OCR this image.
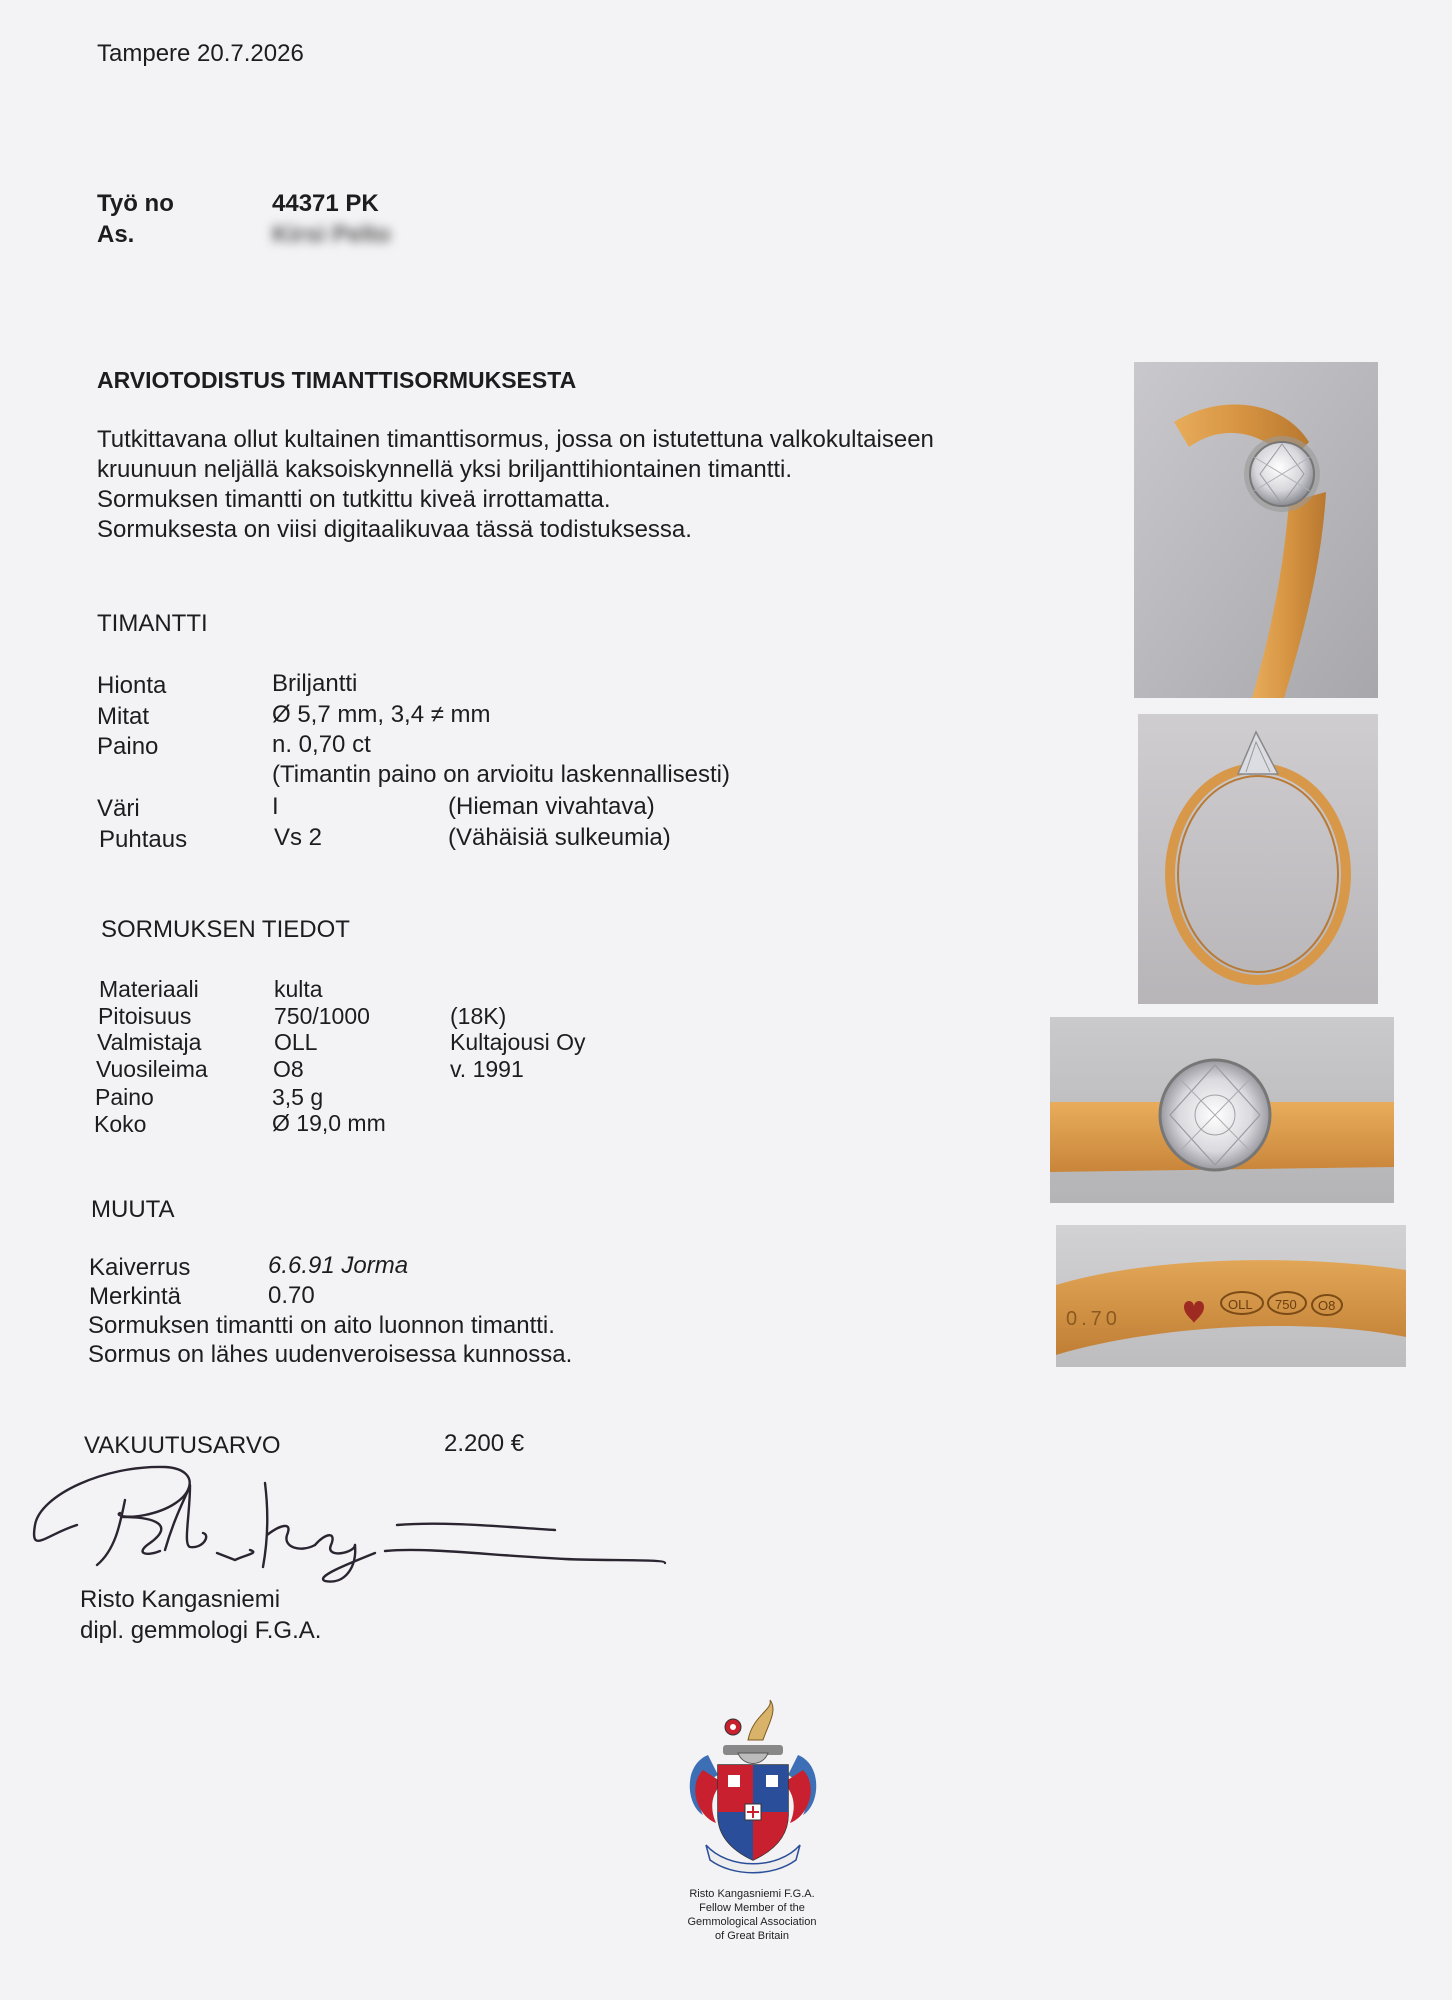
Tampere 20.7.2026
Työ no	44371 PK
As.	Kirsi Pelto
ARVIOTODISTUS TIMANTTISORMUKSESTA
Tutkittavana ollut kultainen timanttisormus, jossa on istutettuna valkokultaiseen
kruunuun neljällä kaksoiskynnellä yksi briljanttihiontainen timantti.
Sormuksen timantti on tutkittu kiveä irrottamatta.
Sormuksesta on viisi digitaalikuvaa tässä todistuksessa.
TIMANTTI
Hionta	Briljantti
Mitat	Ø 5,7 mm, 3,4 ≠ mm
Paino	n. 0,70 ct
(Timantin paino on arvioitu laskennallisesti)
Väri	I	(Hieman vivahtava)
Puhtaus	Vs 2	(Vähäisiä sulkeumia)
SORMUKSEN TIEDOT
Materiaali	kulta
Pitoisuus	750/1000	(18K)
Valmistaja	OLL	Kultajousi Oy
Vuosileima	O8	v. 1991
Paino	3,5 g
Koko	Ø 19,0 mm
MUUTA
Kaiverrus	6.6.91 Jorma
Merkintä	0.70
Sormuksen timantti on aito luonnon timantti.
Sormus on lähes uudenveroisessa kunnossa.
VAKUUTUSARVO	2.200 €
Risto Kangasniemi
dipl. gemmologi F.G.A.
Risto Kangasniemi F.G.A.
Fellow Member of the
Gemmological Association
of Great Britain
0.70
OLL 750 O8
